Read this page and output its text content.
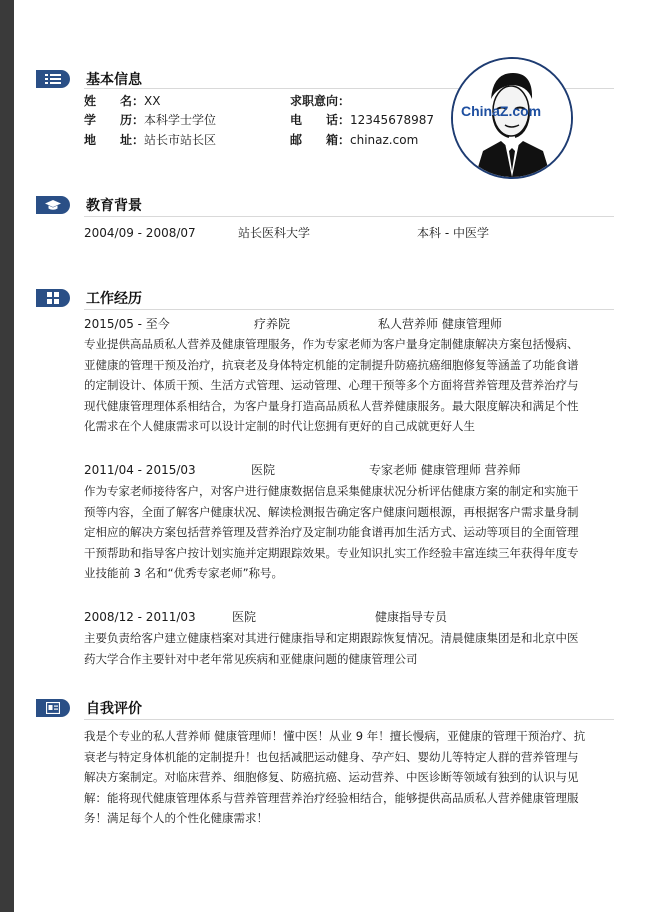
基本信息
姓　　名：XX	求职意向：
学　　历：本科学士学位	电　　话：12345678987
地　　址：站长市站长区	邮　　箱：chinaz.com
ChinaZ.com
教育背景
2004/09 - 2008/07	站长医科大学	本科 - 中医学
工作经历
2015/05 - 至今	疗养院	私人营养师 健康管理师
专业提供高品质私人营养及健康管理服务，作为专家老师为客户量身定制健康解决方案包括慢病、
亚健康的管理干预及治疗，抗衰老及身体特定机能的定制提升防癌抗癌细胞修复等涵盖了功能食谱
的定制设计、体质干预、生活方式管理、运动管理、心理干预等多个方面将营养管理及营养治疗与
现代健康管理理体系相结合，为客户量身打造高品质私人营养健康服务。最大限度解决和满足个性
化需求在个人健康需求可以设计定制的时代让您拥有更好的自己成就更好人生
2011/04 - 2015/03	医院	专家老师 健康管理师 营养师
作为专家老师接待客户，对客户进行健康数据信息采集健康状况分析评估健康方案的制定和实施干
预等内容，全面了解客户健康状况、解读检测报告确定客户健康问题根源，再根据客户需求量身制
定相应的解决方案包括营养管理及营养治疗及定制功能食谱再加生活方式、运动等项目的全面管理
干预帮助和指导客户按计划实施并定期跟踪效果。专业知识扎实工作经验丰富连续三年获得年度专
业技能前 3 名和“优秀专家老师”称号。
2008/12 - 2011/03	医院	健康指导专员
主要负责给客户建立健康档案对其进行健康指导和定期跟踪恢复情况。清晨健康集团是和北京中医
药大学合作主要针对中老年常见疾病和亚健康问题的健康管理公司
自我评价
我是个专业的私人营养师 健康管理师！懂中医！从业 9 年！擅长慢病，亚健康的管理干预治疗、抗
衰老与特定身体机能的定制提升！也包括减肥运动健身、孕产妇、婴幼儿等特定人群的营养管理与
解决方案制定。对临床营养、细胞修复、防癌抗癌、运动营养、中医诊断等领域有独到的认识与见
解：能将现代健康管理体系与营养管理营养治疗经验相结合，能够提供高品质私人营养健康管理服
务！满足每个人的个性化健康需求！
